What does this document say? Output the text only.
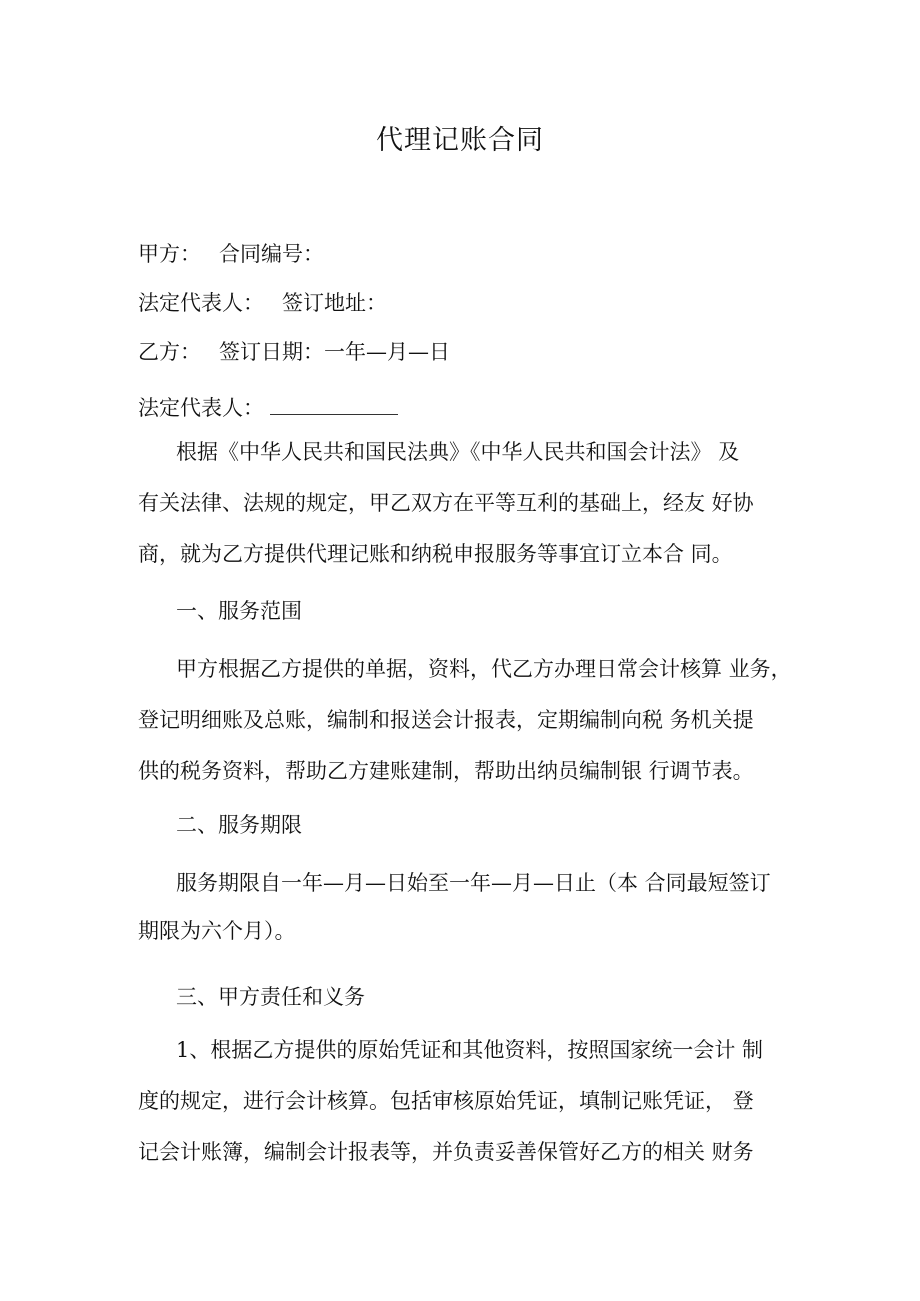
代理记账合同
甲方： 合同编号：
法定代表人： 签订地址：
乙方： 签订日期：一年—月—日
法定代表人：
根据《中华人民共和国民法典》《中华人民共和国会计法》 及
有关法律、法规的规定，甲乙双方在平等互利的基础上，经友 好协
商，就为乙方提供代理记账和纳税申报服务等事宜订立本合 同。
一、服务范围
甲方根据乙方提供的单据，资料，代乙方办理日常会计核算 业务，
登记明细账及总账，编制和报送会计报表，定期编制向税 务机关提
供的税务资料，帮助乙方建账建制，帮助出纳员编制银 行调节表。
二、服务期限
服务期限自一年—月—日始至一年—月—日止（本 合同最短签订
期限为六个月）。
三、甲方责任和义务
1、根据乙方提供的原始凭证和其他资料，按照国家统一会计 制
度的规定，进行会计核算。包括审核原始凭证，填制记账凭证， 登
记会计账簿，编制会计报表等，并负责妥善保管好乙方的相关 财务
